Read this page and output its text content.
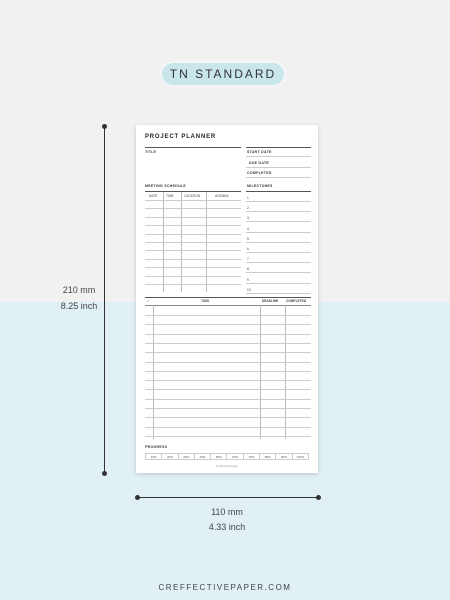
TN STANDARD
210 mm
8.25 inch
110 mm
4.33 inch
PROJECT PLANNER
TITLE	START DATE
DUE DATE
COMPLETED
MEETING SCHEDULE
DATE	TIME	LOCATION	AGENDA
MILESTONES
1.
2.
3.
4.
5.
6.
7.
8.
9.
10.
✓	TASK	DEADLINE COMPLETED
PROGRESS
10%	20%	30%	40%	50%	60%	70%	80%	90%	100%
CreffectivePaper
CREFFECTIVEPAPER.COM
